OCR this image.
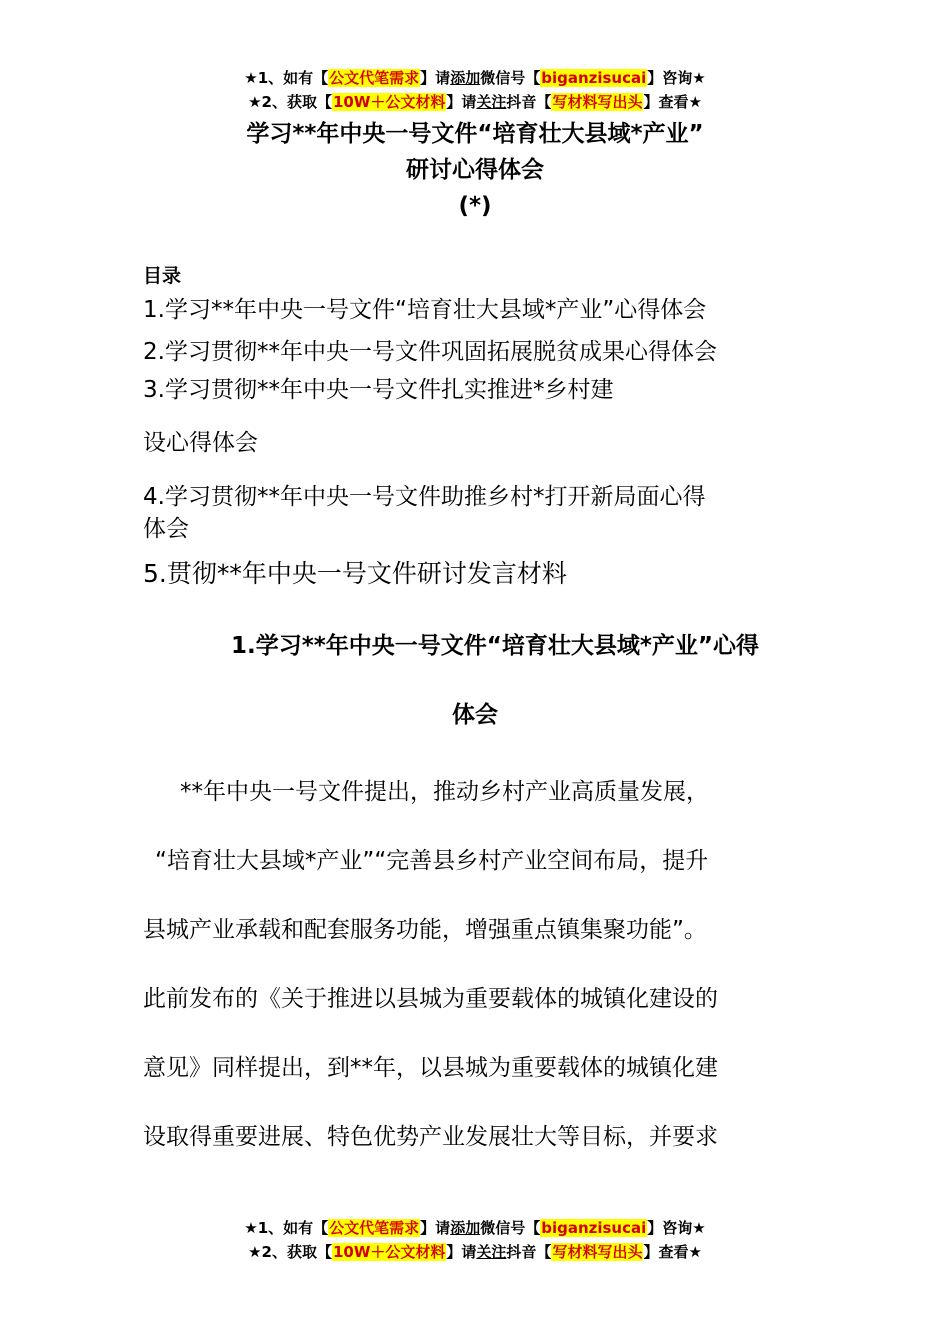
★1、如有【公文代笔需求】请添加微信号【biganzisucai】咨询★
★2、获取【10W＋公文材料】请关注抖音【写材料写出头】查看★
学习**年中央一号文件“培育壮大县域*产业”
研讨心得体会
(*)
目录
1.学习**年中央一号文件“培育壮大县域*产业”心得体会
2.学习贯彻**年中央一号文件巩固拓展脱贫成果心得体会
3.学习贯彻**年中央一号文件扎实推进*乡村建
设心得体会
4.学习贯彻**年中央一号文件助推乡村*打开新局面心得
体会
5.贯彻**年中央一号文件研讨发言材料
1.学习**年中央一号文件“培育壮大县域*产业”心得
体会
**年中央一号文件提出，推动乡村产业高质量发展，
“培育壮大县域*产业”“完善县乡村产业空间布局，提升
县城产业承载和配套服务功能，增强重点镇集聚功能”。
此前发布的《关于推进以县城为重要载体的城镇化建设的
意见》同样提出，到**年，以县城为重要载体的城镇化建
设取得重要进展、特色优势产业发展壮大等目标，并要求
★1、如有【公文代笔需求】请添加微信号【biganzisucai】咨询★
★2、获取【10W＋公文材料】请关注抖音【写材料写出头】查看★
